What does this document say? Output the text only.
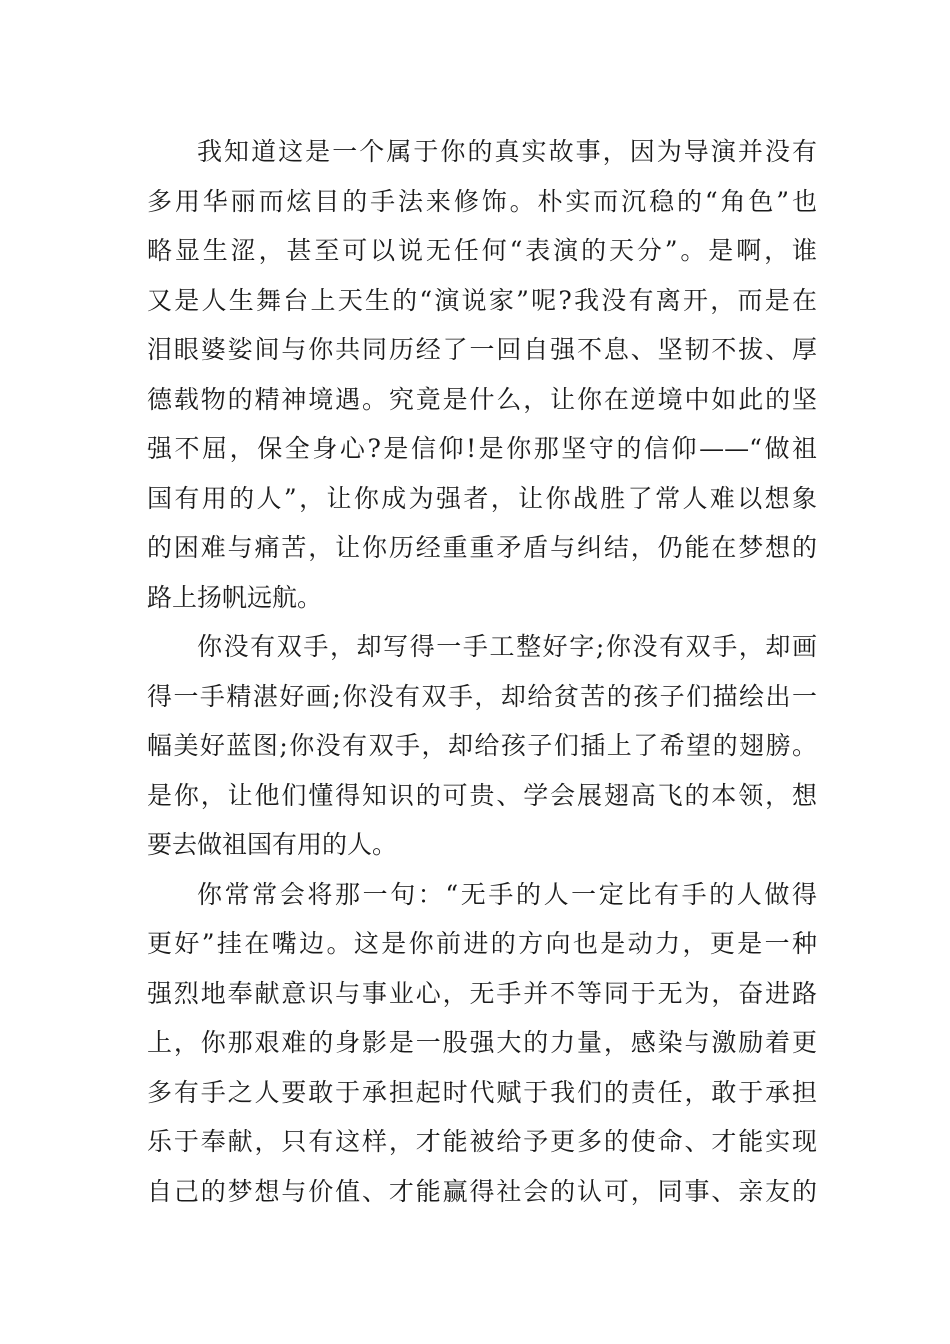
我知道这是一个属于你的真实故事，因为导演并没有
多用华丽而炫目的手法来修饰。朴实而沉稳的“角色”也
略显生涩，甚至可以说无任何“表演的天分”。是啊，谁
又是人生舞台上天生的“演说家”呢?我没有离开，而是在
泪眼婆娑间与你共同历经了一回自强不息、坚韧不拔、厚
德载物的精神境遇。究竟是什么，让你在逆境中如此的坚
强不屈，保全身心?是信仰!是你那坚守的信仰——“做祖
国有用的人”，让你成为强者，让你战胜了常人难以想象
的困难与痛苦，让你历经重重矛盾与纠结，仍能在梦想的
路上扬帆远航。
你没有双手，却写得一手工整好字;你没有双手，却画
得一手精湛好画;你没有双手，却给贫苦的孩子们描绘出一
幅美好蓝图;你没有双手，却给孩子们插上了希望的翅膀。
是你，让他们懂得知识的可贵、学会展翅高飞的本领，想
要去做祖国有用的人。
你常常会将那一句：“无手的人一定比有手的人做得
更好”挂在嘴边。这是你前进的方向也是动力，更是一种
强烈地奉献意识与事业心，无手并不等同于无为，奋进路
上，你那艰难的身影是一股强大的力量，感染与激励着更
多有手之人要敢于承担起时代赋于我们的责任，敢于承担
乐于奉献，只有这样，才能被给予更多的使命、才能实现
自己的梦想与价值、才能赢得社会的认可，同事、亲友的
